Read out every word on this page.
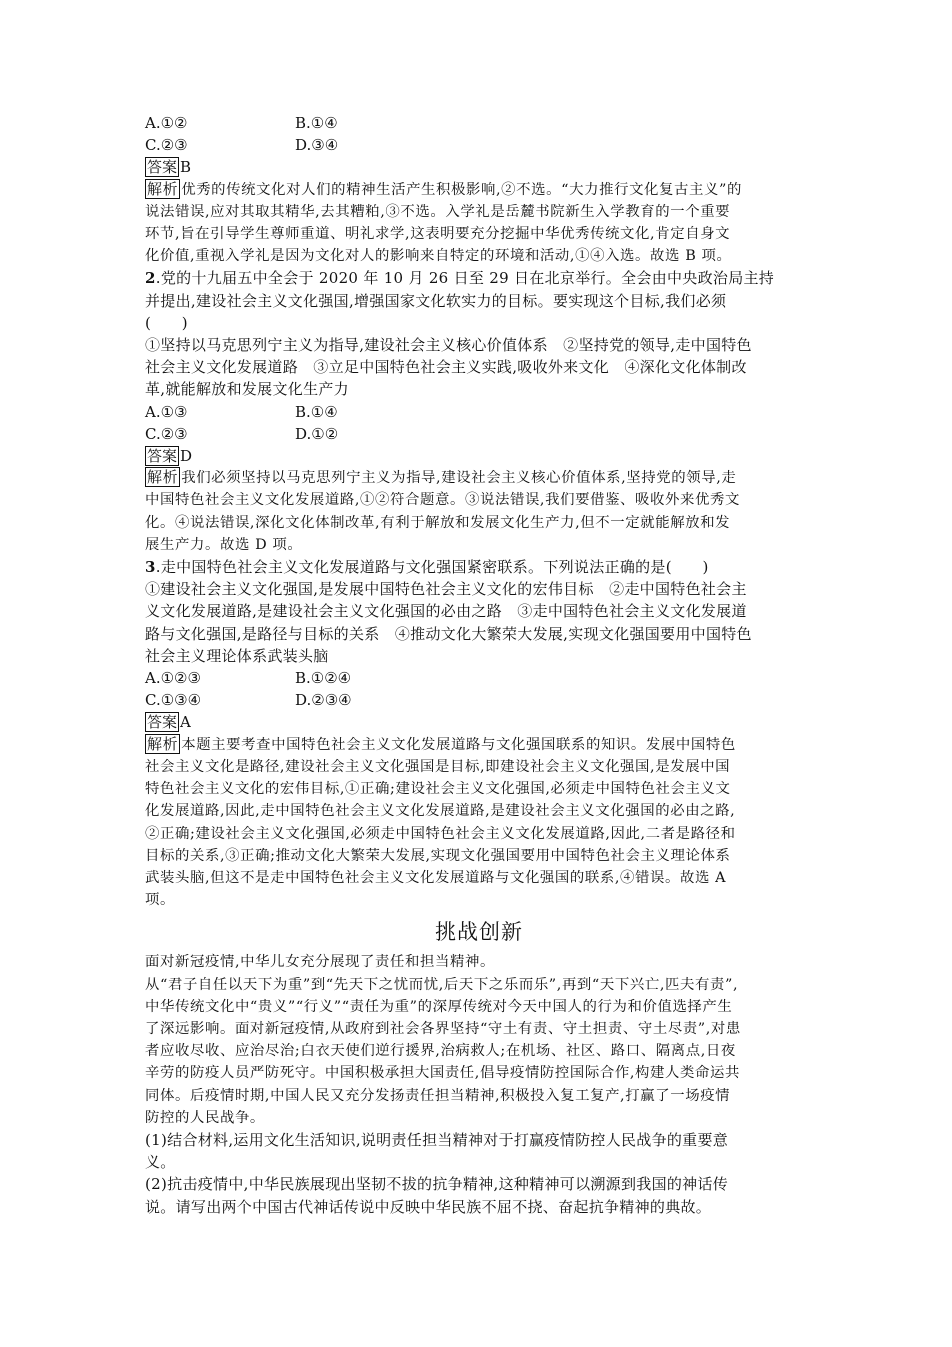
A.①②	B.①④
C.②③	D.③④
答案 B
解析 优秀的传统文化对人们的精神生活产生积极影响,②不选。“大力推行文化复古主义”的
说法错误,应对其取其精华,去其糟粕,③不选。入学礼是岳麓书院新生入学教育的一个重要
环节,旨在引导学生尊师重道、明礼求学,这表明要充分挖掘中华优秀传统文化,肯定自身文
化价值,重视入学礼是因为文化对人的影响来自特定的环境和活动,①④入选。故选 B 项。
2.党的十九届五中全会于 2020 年 10 月 26 日至 29 日在北京举行。全会由中央政治局主持
并提出,建设社会主义文化强国,增强国家文化软实力的目标。要实现这个目标,我们必须
(　　)
①坚持以马克思列宁主义为指导,建设社会主义核心价值体系　②坚持党的领导,走中国特色
社会主义文化发展道路　③立足中国特色社会主义实践,吸收外来文化　④深化文化体制改
革,就能解放和发展文化生产力
A.①③	B.①④
C.②③	D.①②
答案 D
解析 我们必须坚持以马克思列宁主义为指导,建设社会主义核心价值体系,坚持党的领导,走
中国特色社会主义文化发展道路,①②符合题意。③说法错误,我们要借鉴、吸收外来优秀文
化。④说法错误,深化文化体制改革,有利于解放和发展文化生产力,但不一定就能解放和发
展生产力。故选 D 项。
3.走中国特色社会主义文化发展道路与文化强国紧密联系。下列说法正确的是(　　)
①建设社会主义文化强国,是发展中国特色社会主义文化的宏伟目标　②走中国特色社会主
义文化发展道路,是建设社会主义文化强国的必由之路　③走中国特色社会主义文化发展道
路与文化强国,是路径与目标的关系　④推动文化大繁荣大发展,实现文化强国要用中国特色
社会主义理论体系武装头脑
A.①②③	B.①②④
C.①③④	D.②③④
答案 A
解析 本题主要考查中国特色社会主义文化发展道路与文化强国联系的知识。发展中国特色
社会主义文化是路径,建设社会主义文化强国是目标,即建设社会主义文化强国,是发展中国
特色社会主义文化的宏伟目标,①正确;建设社会主义文化强国,必须走中国特色社会主义文
化发展道路,因此,走中国特色社会主义文化发展道路,是建设社会主义文化强国的必由之路,
②正确;建设社会主义文化强国,必须走中国特色社会主义文化发展道路,因此,二者是路径和
目标的关系,③正确;推动文化大繁荣大发展,实现文化强国要用中国特色社会主义理论体系
武装头脑,但这不是走中国特色社会主义文化发展道路与文化强国的联系,④错误。故选 A
项。
挑战创新
面对新冠疫情,中华儿女充分展现了责任和担当精神。
从“君子自任以天下为重”到“先天下之忧而忧,后天下之乐而乐”,再到“天下兴亡,匹夫有责”,
中华传统文化中“贵义”“行义”“责任为重”的深厚传统对今天中国人的行为和价值选择产生
了深远影响。面对新冠疫情,从政府到社会各界坚持“守土有责、守土担责、守土尽责”,对患
者应收尽收、应治尽治;白衣天使们逆行援界,治病救人;在机场、社区、路口、隔离点,日夜
辛劳的防疫人员严防死守。中国积极承担大国责任,倡导疫情防控国际合作,构建人类命运共
同体。后疫情时期,中国人民又充分发扬责任担当精神,积极投入复工复产,打赢了一场疫情
防控的人民战争。
(1)结合材料,运用文化生活知识,说明责任担当精神对于打赢疫情防控人民战争的重要意
义。
(2)抗击疫情中,中华民族展现出坚韧不拔的抗争精神,这种精神可以溯源到我国的神话传
说。请写出两个中国古代神话传说中反映中华民族不屈不挠、奋起抗争精神的典故。
